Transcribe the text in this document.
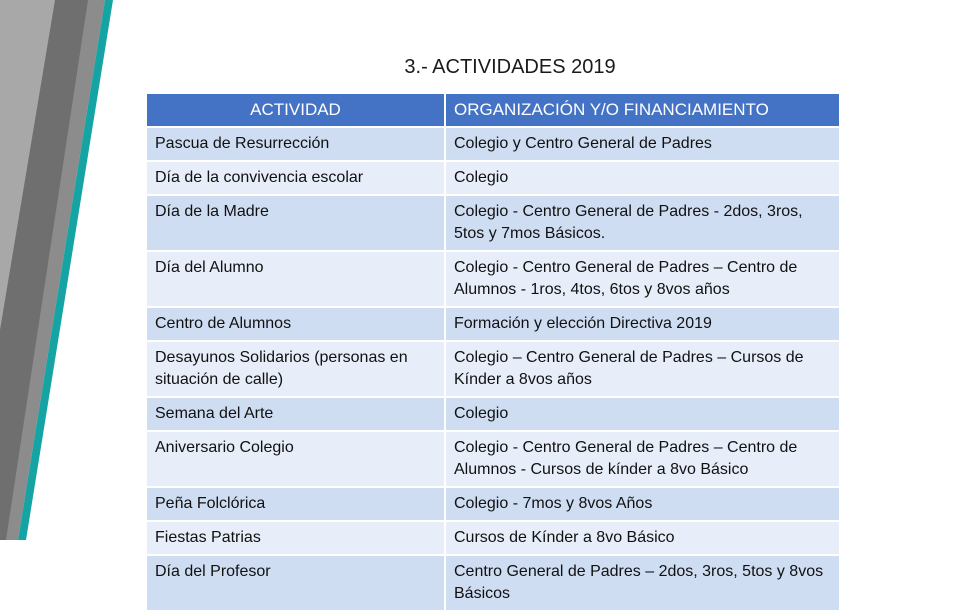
3.- ACTIVIDADES 2019
ACTIVIDAD	ORGANIZACIÓN Y/O FINANCIAMIENTO
Pascua de Resurrección	Colegio y Centro General de Padres
Día de la convivencia escolar	Colegio
Día de la Madre	Colegio - Centro General de Padres - 2dos, 3ros, 5tos y 7mos Básicos.
Día del Alumno	Colegio - Centro General de Padres – Centro de Alumnos - 1ros, 4tos, 6tos y 8vos años
Centro de Alumnos	Formación y elección Directiva 2019
Desayunos Solidarios (personas en situación de calle)	Colegio – Centro General de Padres – Cursos de Kínder a 8vos años
Semana del Arte	Colegio
Aniversario Colegio	Colegio - Centro General de Padres – Centro de Alumnos - Cursos de kínder a 8vo Básico
Peña Folclórica	Colegio - 7mos y 8vos Años
Fiestas Patrias	Cursos de Kínder a 8vo Básico
Día del Profesor	Centro General de Padres – 2dos, 3ros, 5tos y 8vos Básicos
